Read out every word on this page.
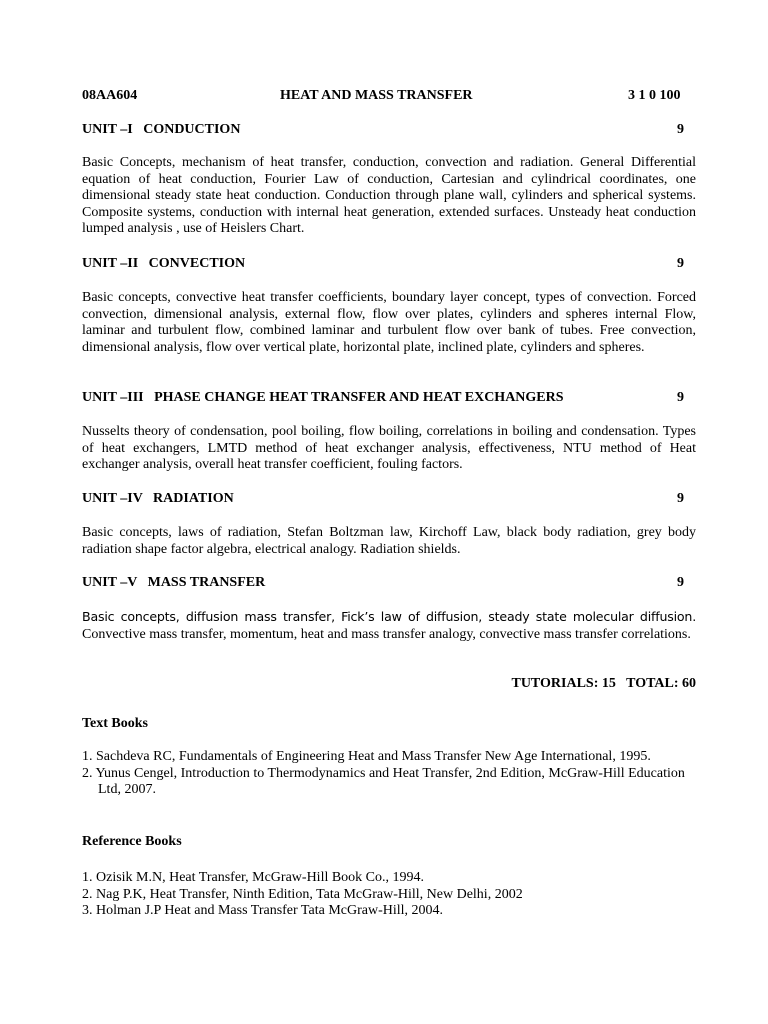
08AA604	HEAT AND MASS TRANSFER	3 1 0 100
UNIT –I   CONDUCTION	9
Basic Concepts, mechanism of heat transfer, conduction, convection and radiation. General Differential equation of heat conduction, Fourier Law of conduction, Cartesian and cylindrical coordinates, one dimensional steady state heat conduction. Conduction through plane wall, cylinders and spherical systems. Composite systems, conduction with internal heat generation, extended surfaces. Unsteady heat conduction lumped analysis , use of Heislers Chart.
UNIT –II   CONVECTION	9
Basic concepts, convective heat transfer coefficients, boundary layer concept, types of convection. Forced convection, dimensional analysis, external flow, flow over plates, cylinders and spheres internal Flow, laminar and turbulent flow, combined laminar and turbulent flow over bank of tubes. Free convection, dimensional analysis, flow over vertical plate, horizontal plate, inclined plate, cylinders and spheres.
UNIT –III   PHASE CHANGE HEAT TRANSFER AND HEAT EXCHANGERS	9
Nusselts theory of condensation, pool boiling, flow boiling, correlations in boiling and condensation. Types of heat exchangers, LMTD method of heat exchanger analysis, effectiveness, NTU method of Heat exchanger analysis, overall heat transfer coefficient, fouling factors.
UNIT –IV   RADIATION	9
Basic concepts, laws of radiation, Stefan Boltzman law, Kirchoff Law, black body radiation, grey body radiation shape factor algebra, electrical analogy. Radiation shields.
UNIT –V   MASS TRANSFER	9
Basic concepts, diffusion mass transfer, Fick’s law of diffusion, steady state molecular diffusion. Convective mass transfer, momentum, heat and mass transfer analogy, convective mass transfer correlations.
TUTORIALS: 15   TOTAL: 60
Text Books
1. Sachdeva RC, Fundamentals of Engineering Heat and Mass Transfer New Age International, 1995.
2. Yunus Cengel, Introduction to Thermodynamics and Heat Transfer, 2nd Edition, McGraw-Hill Education Ltd, 2007.
Reference Books
1. Ozisik M.N, Heat Transfer, McGraw-Hill Book Co., 1994.
2. Nag P.K, Heat Transfer, Ninth Edition, Tata McGraw-Hill, New Delhi, 2002
3. Holman J.P Heat and Mass Transfer Tata McGraw-Hill, 2004.
